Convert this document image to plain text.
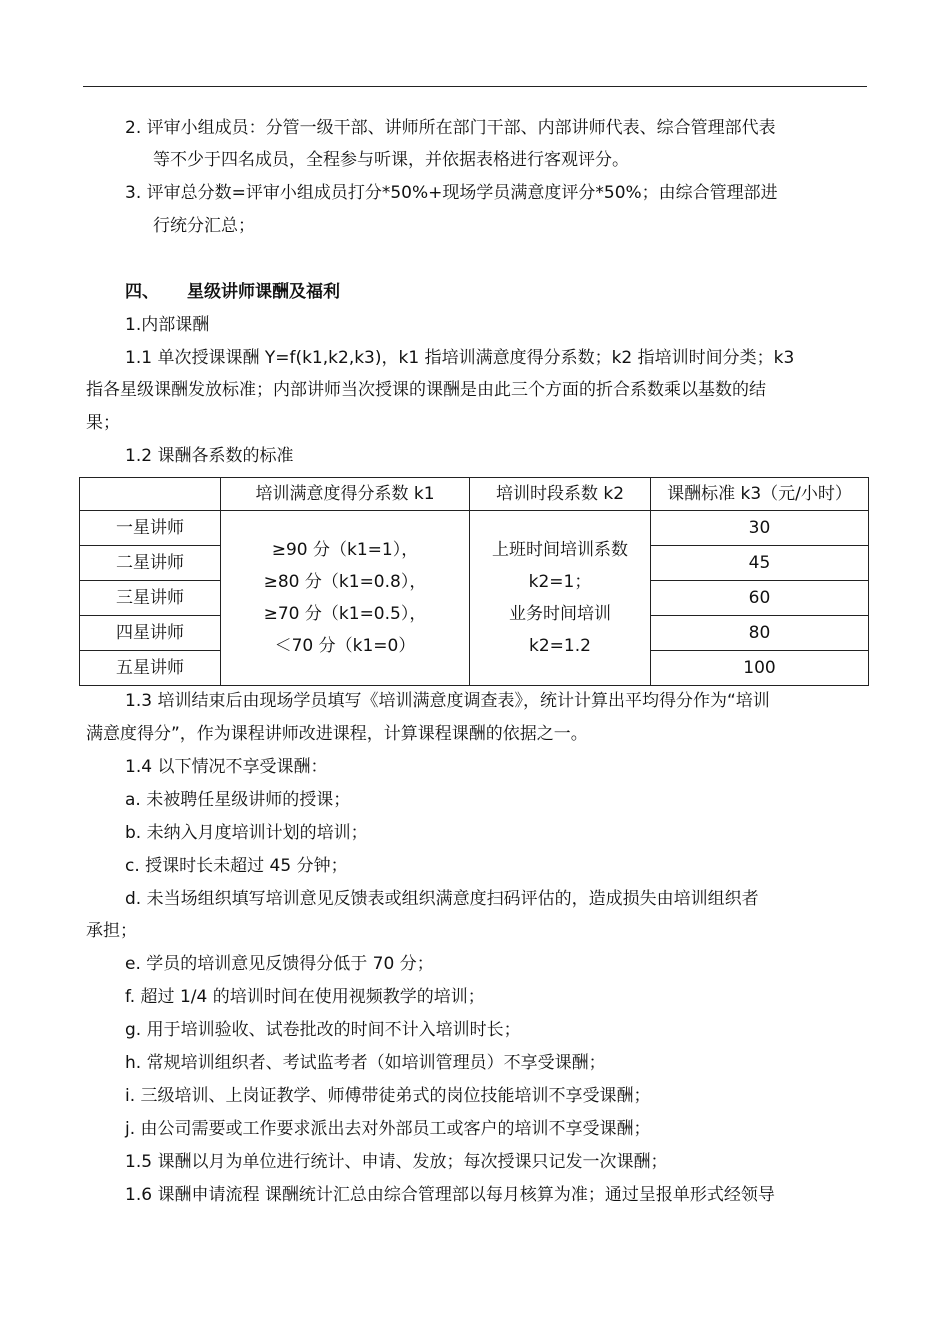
2. 评审小组成员：分管一级干部、讲师所在部门干部、内部讲师代表、综合管理部代表
等不少于四名成员，全程参与听课，并依据表格进行客观评分。
3. 评审总分数=评审小组成员打分*50%+现场学员满意度评分*50%；由综合管理部进
行统分汇总；
四、 星级讲师课酬及福利
1.内部课酬
1.1 单次授课课酬 Y=f(k1,k2,k3)，k1 指培训满意度得分系数；k2 指培训时间分类；k3
指各星级课酬发放标准；内部讲师当次授课的课酬是由此三个方面的折合系数乘以基数的结
果；
1.2 课酬各系数的标准
	培训满意度得分系数 k1	培训时段系数 k2	课酬标准 k3（元/小时）
一星讲师	≥90 分（k1=1），
≥80 分（k1=0.8），
≥70 分（k1=0.5），
＜70 分（k1=0）	上班时间培训系数
k2=1；
业务时间培训
k2=1.2	30
二星讲师			45
三星讲师			60
四星讲师			80
五星讲师			100
1.3 培训结束后由现场学员填写《培训满意度调查表》，统计计算出平均得分作为“培训
满意度得分”，作为课程讲师改进课程，计算课程课酬的依据之一。
1.4 以下情况不享受课酬：
a. 未被聘任星级讲师的授课；
b. 未纳入月度培训计划的培训；
c. 授课时长未超过 45 分钟；
d. 未当场组织填写培训意见反馈表或组织满意度扫码评估的，造成损失由培训组织者
承担；
e. 学员的培训意见反馈得分低于 70 分；
f. 超过 1/4 的培训时间在使用视频教学的培训；
g. 用于培训验收、试卷批改的时间不计入培训时长；
h. 常规培训组织者、考试监考者（如培训管理员）不享受课酬；
i. 三级培训、上岗证教学、师傅带徒弟式的岗位技能培训不享受课酬；
j. 由公司需要或工作要求派出去对外部员工或客户的培训不享受课酬；
1.5 课酬以月为单位进行统计、申请、发放；每次授课只记发一次课酬；
1.6 课酬申请流程 课酬统计汇总由综合管理部以每月核算为准；通过呈报单形式经领导
